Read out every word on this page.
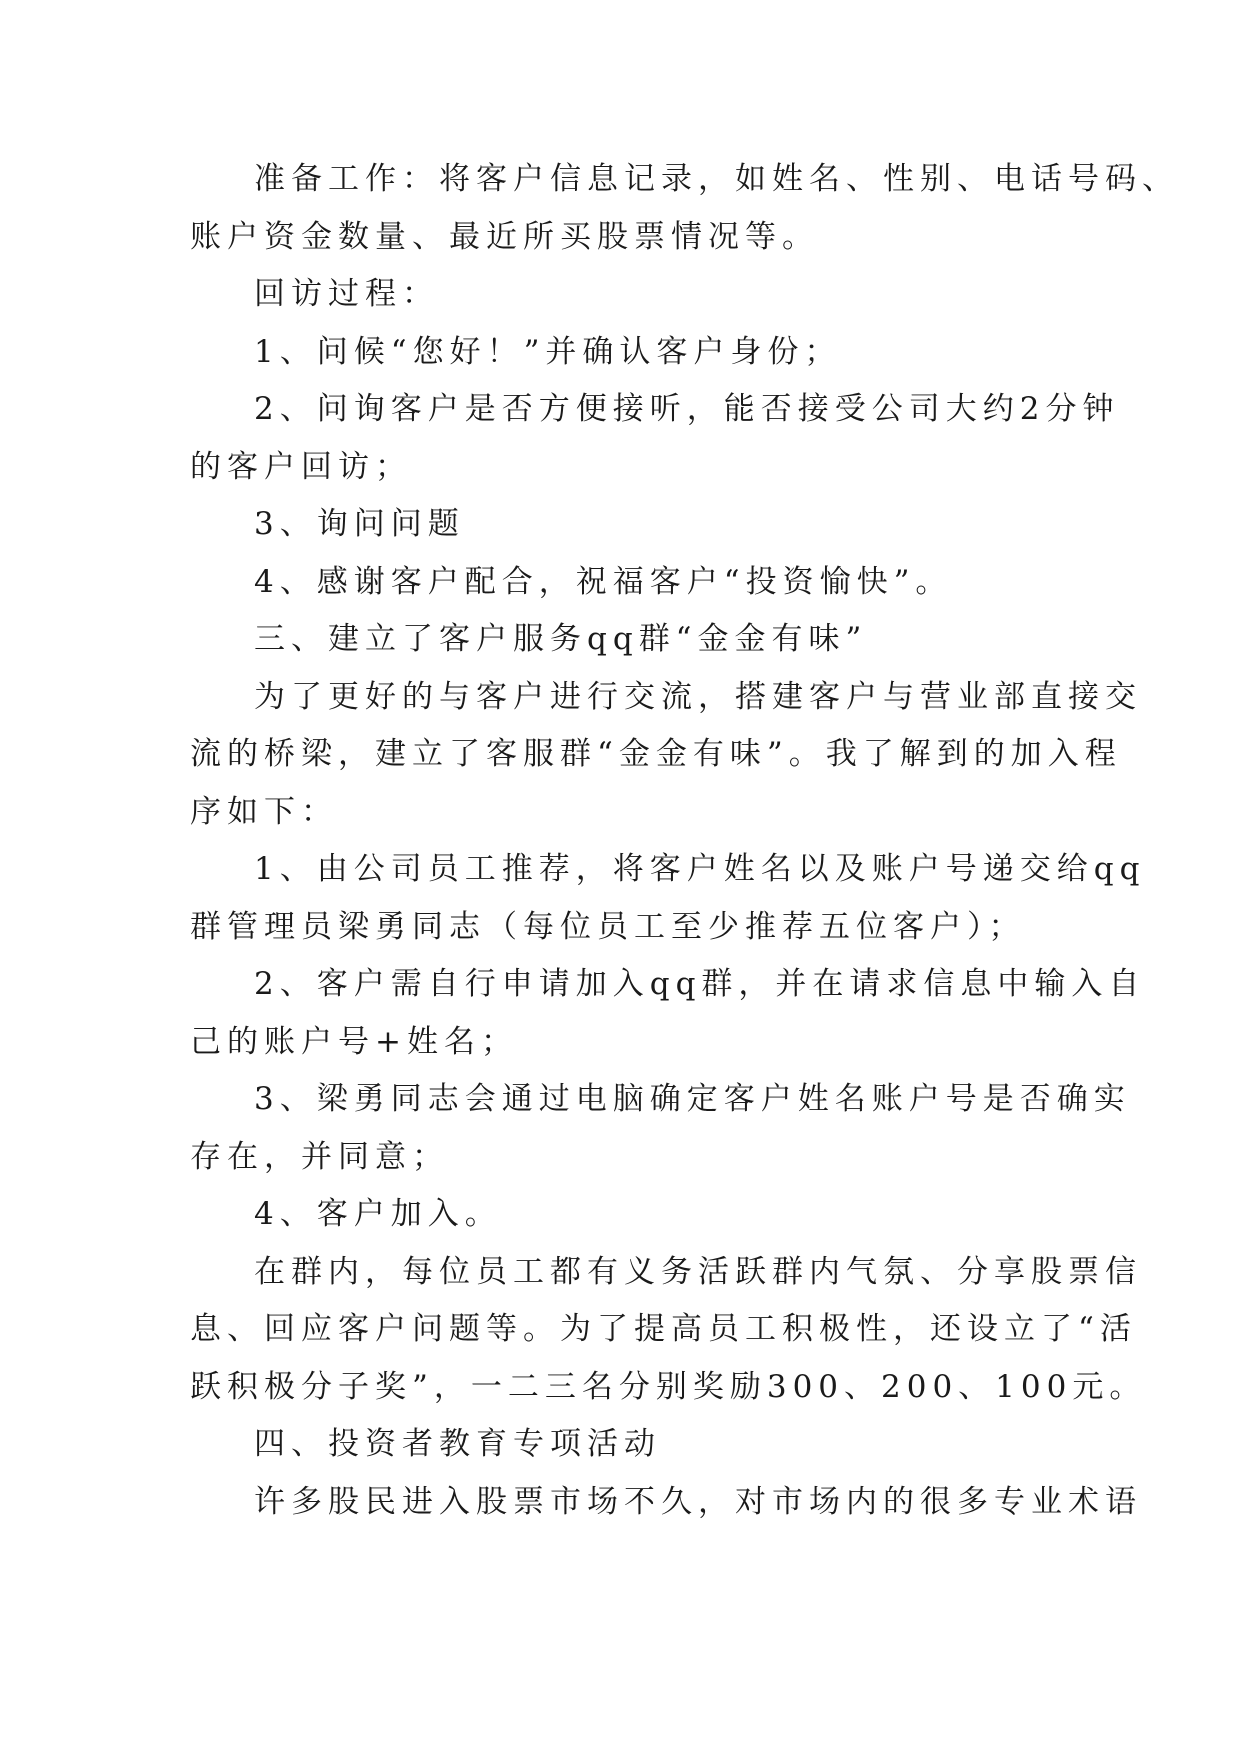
准备工作：将客户信息记录，如姓名、性别、电话号码、
账户资金数量、最近所买股票情况等。
回访过程：
1、问候“您好！”并确认客户身份；
2、问询客户是否方便接听，能否接受公司大约2分钟
的客户回访；
3、询问问题
4、感谢客户配合，祝福客户“投资愉快”。
三、建立了客户服务qq群“金金有味”
为了更好的与客户进行交流，搭建客户与营业部直接交
流的桥梁，建立了客服群“金金有味”。我了解到的加入程
序如下：
1、由公司员工推荐，将客户姓名以及账户号递交给qq
群管理员梁勇同志（每位员工至少推荐五位客户）；
2、客户需自行申请加入qq群，并在请求信息中输入自
己的账户号+姓名；
3、梁勇同志会通过电脑确定客户姓名账户号是否确实
存在，并同意；
4、客户加入。
在群内，每位员工都有义务活跃群内气氛、分享股票信
息、回应客户问题等。为了提高员工积极性，还设立了“活
跃积极分子奖”，一二三名分别奖励300、200、100元。
四、投资者教育专项活动
许多股民进入股票市场不久，对市场内的很多专业术语
